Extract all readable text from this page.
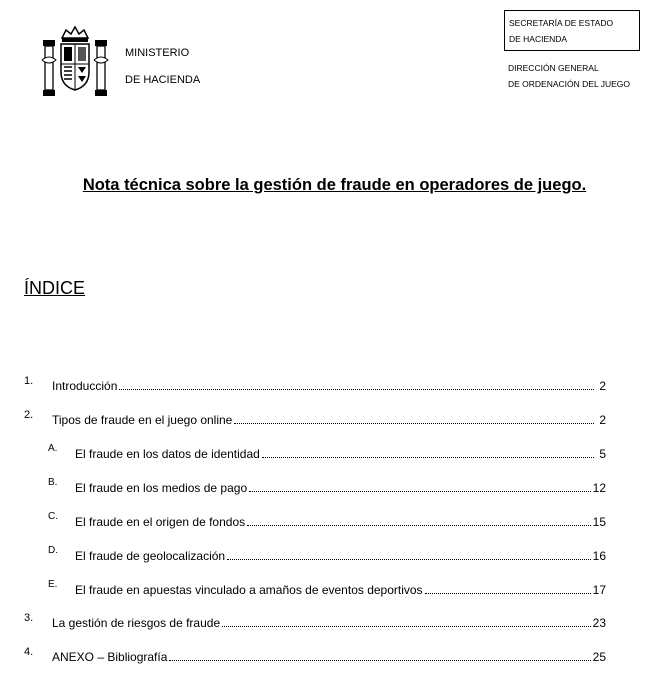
MINISTERIO
DE HACIENDA
SECRETARÍA DE ESTADO
DE HACIENDA
DIRECCIÓN GENERAL
DE ORDENACIÓN DEL JUEGO
Nota técnica sobre la gestión de fraude en operadores de juego.
ÍNDICE
1. Introducción	2
2. Tipos de fraude en el juego online	2
A. El fraude en los datos de identidad	5
B. El fraude en los medios de pago	12
C. El fraude en el origen de fondos	15
D. El fraude de geolocalización	16
E. El fraude en apuestas vinculado a amaños de eventos deportivos	17
3. La gestión de riesgos de fraude	23
4. ANEXO – Bibliografía	25
